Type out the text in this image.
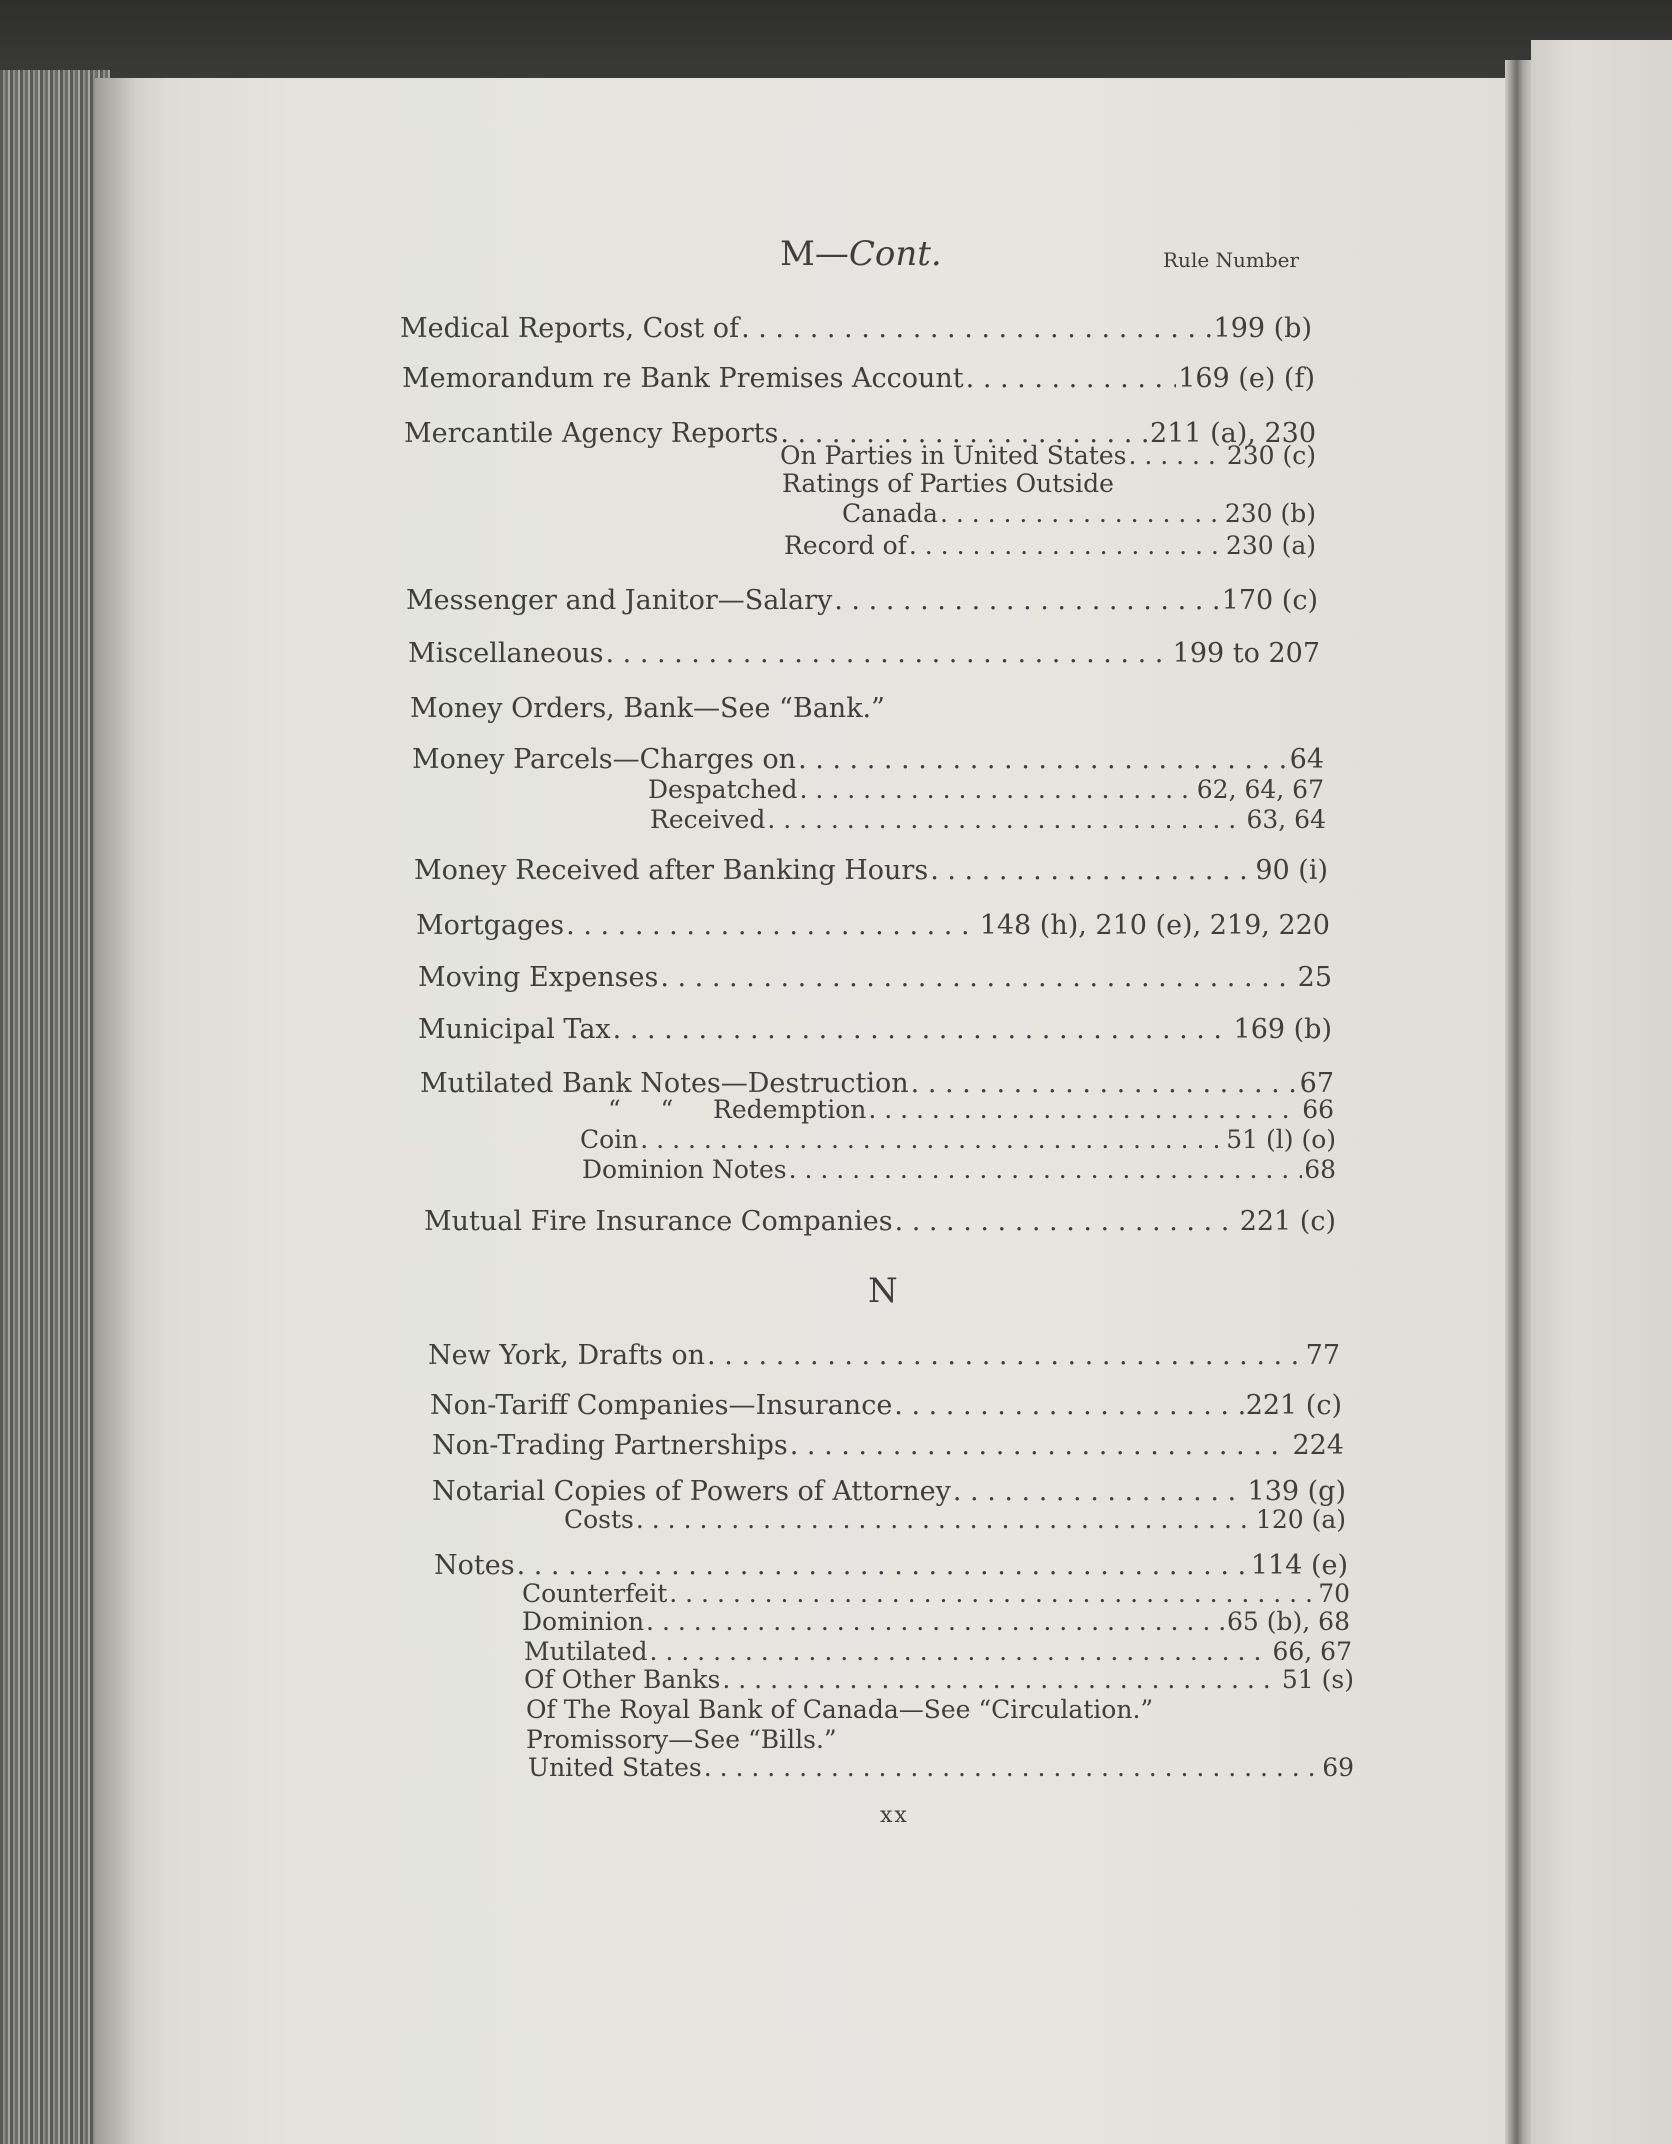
M—Cont.	Rule Number
Medical Reports, Cost of . . .	199 (b)
Memorandum re Bank Premises Account . . .	169 (e) (f)
Mercantile Agency Reports . . .	211 (a), 230
On Parties in United States . . .	230 (c)
Ratings of Parties Outside
Canada . . .	230 (b)
Record of . . .	230 (a)
Messenger and Janitor—Salary . . .	170 (c)
Miscellaneous . . .	199 to 207
Money Orders, Bank—See “Bank.”
Money Parcels—Charges on . . .	64
Despatched . . .	62, 64, 67
Received . . .	63, 64
Money Received after Banking Hours . . .	90 (i)
Mortgages . . .	148 (h), 210 (e), 219, 220
Moving Expenses . . .	25
Municipal Tax . . .	169 (b)
Mutilated Bank Notes—Destruction . . .	67
“     “     Redemption . . .	66
Coin . . .	51 (l) (o)
Dominion Notes . . .	68
Mutual Fire Insurance Companies . . .	221 (c)
N
New York, Drafts on . . .	77
Non-Tariff Companies—Insurance . . .	221 (c)
Non-Trading Partnerships . . .	224
Notarial Copies of Powers of Attorney . . .	139 (g)
Costs . . .	120 (a)
Notes . . .	114 (e)
Counterfeit . . .	70
Dominion . . .	65 (b), 68
Mutilated . . .	66, 67
Of Other Banks . . .	51 (s)
Of The Royal Bank of Canada—See “Circulation.”
Promissory—See “Bills.”
United States . . .	69
xx
